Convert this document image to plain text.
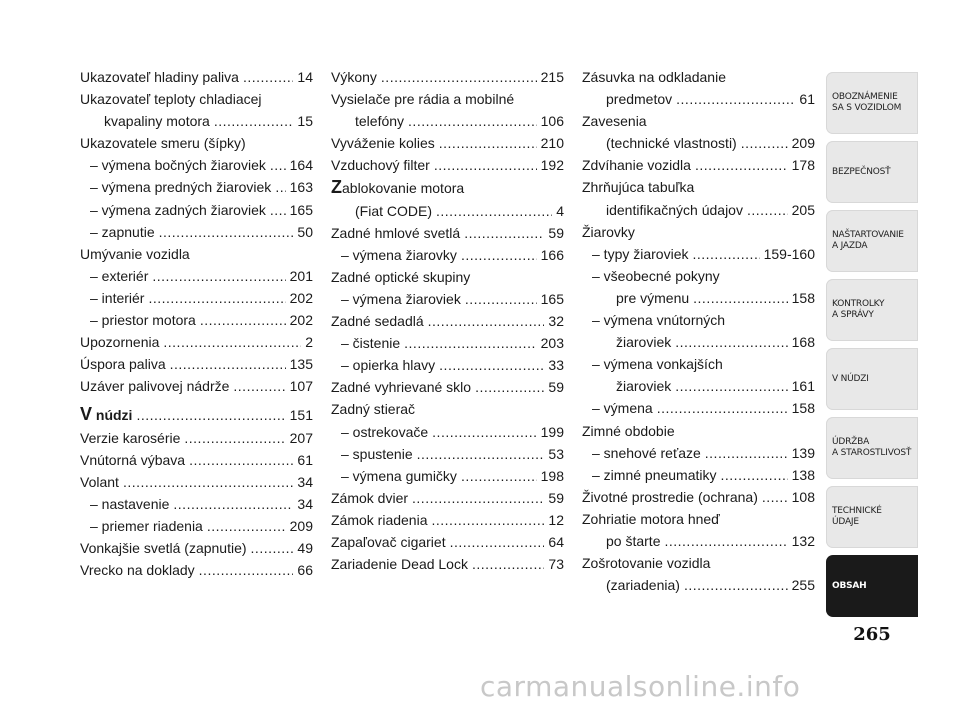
Ukazovateľ hladiny paliva .....	14
Ukazovateľ teploty chladiacej
kvapaliny motora .....	15
Ukazovatele smeru (šípky)
– výmena bočných žiaroviek ..... 164
– výmena predných žiaroviek ..... 163
– výmena zadných žiaroviek ..... 165
– zapnutie .....	50
Umývanie vozidla
– exteriér .....	201
– interiér .....	202
– priestor motora .....	202
Upozornenia .....	2
Úspora paliva .....	135
Uzáver palivovej nádrže .....	107
V núdzi .....	151
Verzie karosérie .....	207
Vnútorná výbava .....	61
Volant .....	34
– nastavenie .....	34
– priemer riadenia .....	209
Vonkajšie svetlá (zapnutie) .....	49
Vrecko na doklady .....	66
Výkony .....	215
Vysielače pre rádia a mobilné
telefóny .....	106
Vyváženie kolies .....	210
Vzduchový filter .....	192
Zablokovanie motora
(Fiat CODE) .....	4
Zadné hmlové svetlá .....	59
– výmena žiarovky .....	166
Zadné optické skupiny
– výmena žiaroviek .....	165
Zadné sedadlá .....	32
– čistenie .....	203
– opierka hlavy .....	33
Zadné vyhrievané sklo .....	59
Zadný stierač
– ostrekovače .....	199
– spustenie .....	53
– výmena gumičky .....	198
Zámok dvier .....	59
Zámok riadenia .....	12
Zapaľovač cigariet .....	64
Zariadenie Dead Lock .....	73
Zásuvka na odkladanie
predmetov .....	61
Zavesenia
(technické vlastnosti) .....	209
Zdvíhanie vozidla .....	178
Zhrňujúca tabuľka
identifikačných údajov .....	205
Žiarovky
– typy žiaroviek .....	159-160
– všeobecné pokyny
pre výmenu .....	158
– výmena vnútorných
žiaroviek .....	168
– výmena vonkajších
žiaroviek .....	161
– výmena .....	158
Zimné obdobie
– snehové reťaze .....	139
– zimné pneumatiky .....	138
Životné prostredie (ochrana) ..... 108
Zohriatie motora hneď
po štarte .....	132
Zošrotovanie vozidla
(zariadenia) .....	255
OBOZNÁMENIE
SA S VOZIDLOM
BEZPEČNOSŤ
NAŠTARTOVANIE
A JAZDA
KONTROLKY
A SPRÁVY
V NÚDZI
ÚDRŽBA
A STAROSTLIVOSŤ
TECHNICKÉ
ÚDAJE
OBSAH
265
carmanualsonline.info
